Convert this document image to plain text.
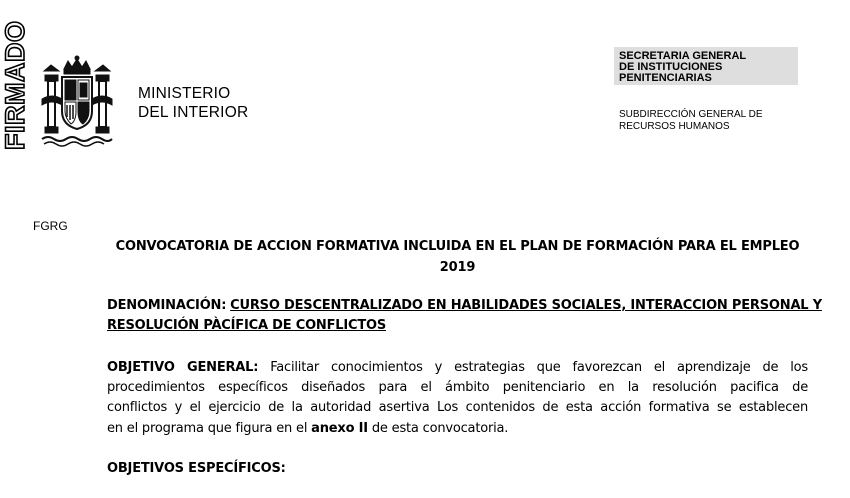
FIRMADO	MINISTERIO
DEL INTERIOR
SECRETARIA GENERAL
DE INSTITUCIONES
PENITENCIARIAS
SUBDIRECCIÓN GENERAL DE
RECURSOS HUMANOS
FGRG
CONVOCATORIA DE ACCION FORMATIVA INCLUIDA EN EL PLAN DE FORMACIÓN PARA EL EMPLEO
2019
DENOMINACIÓN: CURSO DESCENTRALIZADO EN HABILIDADES SOCIALES, INTERACCION PERSONAL Y
RESOLUCIÓN PÀCÍFICA DE CONFLICTOS
OBJETIVO GENERAL: Facilitar conocimientos y estrategias que favorezcan el aprendizaje de los
procedimientos específicos diseñados para el ámbito penitenciario en la resolución pacifica de
conflictos y el ejercicio de la autoridad asertiva Los contenidos de esta acción formativa se establecen
en el programa que figura en el anexo II de esta convocatoria.
OBJETIVOS ESPECÍFICOS:
